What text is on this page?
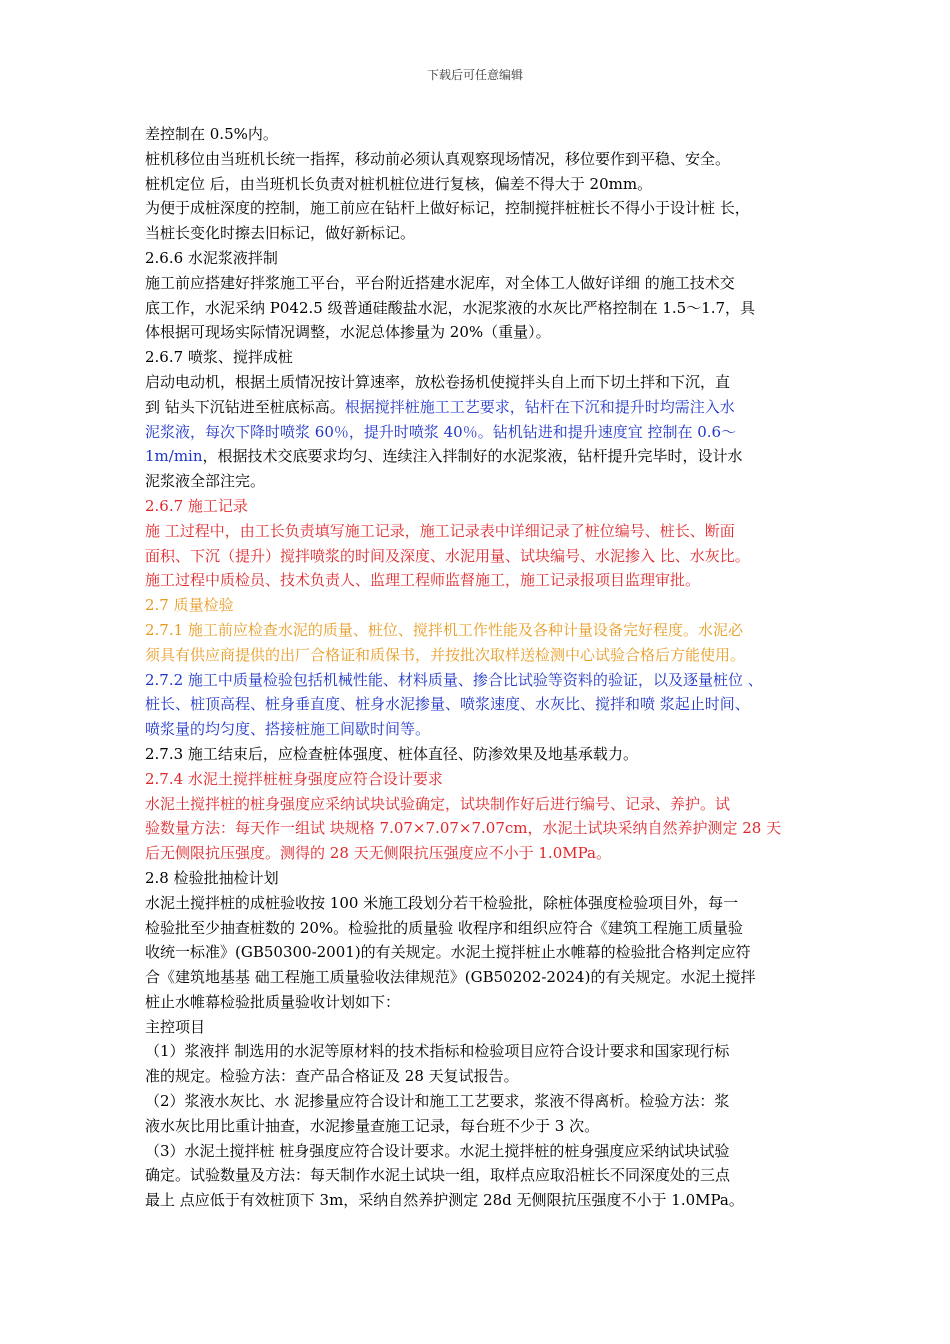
下载后可任意编辑

差控制在 0.5%内。

桩机移位由当班机长统一指挥，移动前必须认真观察现场情况，移位要作到平稳、安全。

桩机定位 后，由当班机长负责对桩机桩位进行复核，偏差不得大于 20mm。

为便于成桩深度的控制，施工前应在钻杆上做好标记，控制搅拌桩桩长不得小于设计桩 长，

当桩长变化时擦去旧标记，做好新标记。

2.6.6 水泥浆液拌制

施工前应搭建好拌浆施工平台，平台附近搭建水泥库，对全体工人做好详细 的施工技术交

底工作，水泥采纳 P042.5 级普通硅酸盐水泥，水泥浆液的水灰比严格控制在 1.5～1.7，具

体根据可现场实际情况调整，水泥总体掺量为 20%（重量）。

2.6.7 喷浆、搅拌成桩

启动电动机，根据土质情况按计算速率，放松卷扬机使搅拌头自上而下切土拌和下沉，直

到 钻头下沉钻进至桩底标高。根据搅拌桩施工工艺要求，钻杆在下沉和提升时均需注入水

泥浆液，每次下降时喷浆 60％，提升时喷浆 40％。钻机钻进和提升速度宜 控制在 0.6～

1m/min，根据技术交底要求均匀、连续注入拌制好的水泥浆液，钻杆提升完毕时，设计水

泥浆液全部注完。

2.6.7 施工记录

施 工过程中，由工长负责填写施工记录，施工记录表中详细记录了桩位编号、桩长、断面

面积、下沉（提升）搅拌喷浆的时间及深度、水泥用量、试块编号、水泥掺入 比、水灰比。

施工过程中质检员、技术负责人、监理工程师监督施工，施工记录报项目监理审批。

2.7 质量检验

2.7.1 施工前应检查水泥的质量、桩位、搅拌机工作性能及各种计量设备完好程度。水泥必

须具有供应商提供的出厂合格证和质保书，并按批次取样送检测中心试验合格后方能使用。

2.7.2 施工中质量检验包括机械性能、材料质量、掺合比试验等资料的验证，以及逐量桩位 、

桩长、桩顶高程、桩身垂直度、桩身水泥掺量、喷浆速度、水灰比、搅拌和喷 浆起止时间、

喷浆量的均匀度、搭接桩施工间歇时间等。

2.7.3 施工结束后，应检查桩体强度、桩体直径、防渗效果及地基承载力。

2.7.4 水泥土搅拌桩桩身强度应符合设计要求

水泥土搅拌桩的桩身强度应采纳试块试验确定，试块制作好后进行编号、记录、养护。试

验数量方法：每天作一组试 块规格 7.07×7.07×7.07cm，水泥土试块采纳自然养护测定 28 天

后无侧限抗压强度。测得的 28 天无侧限抗压强度应不小于 1.0MPa。

2.8 检验批抽检计划

水泥土搅拌桩的成桩验收按 100 米施工段划分若干检验批，除桩体强度检验项目外，每一

检验批至少抽查桩数的 20%。检验批的质量验 收程序和组织应符合《建筑工程施工质量验

收统一标准》(GB50300-2001)的有关规定。水泥土搅拌桩止水帷幕的检验批合格判定应符

合《建筑地基基 础工程施工质量验收法律规范》(GB50202-2024)的有关规定。水泥土搅拌

桩止水帷幕检验批质量验收计划如下：

主控项目

（1）浆液拌 制选用的水泥等原材料的技术指标和检验项目应符合设计要求和国家现行标

准的规定。检验方法：查产品合格证及 28 天复试报告。

（2）浆液水灰比、水 泥掺量应符合设计和施工工艺要求，浆液不得离析。检验方法：浆

液水灰比用比重计抽查，水泥掺量查施工记录，每台班不少于 3 次。

（3）水泥土搅拌桩 桩身强度应符合设计要求。水泥土搅拌桩的桩身强度应采纳试块试验

确定。试验数量及方法：每天制作水泥土试块一组，取样点应取沿桩长不同深度处的三点

最上 点应低于有效桩顶下 3m，采纳自然养护测定 28d 无侧限抗压强度不小于 1.0MPa。
